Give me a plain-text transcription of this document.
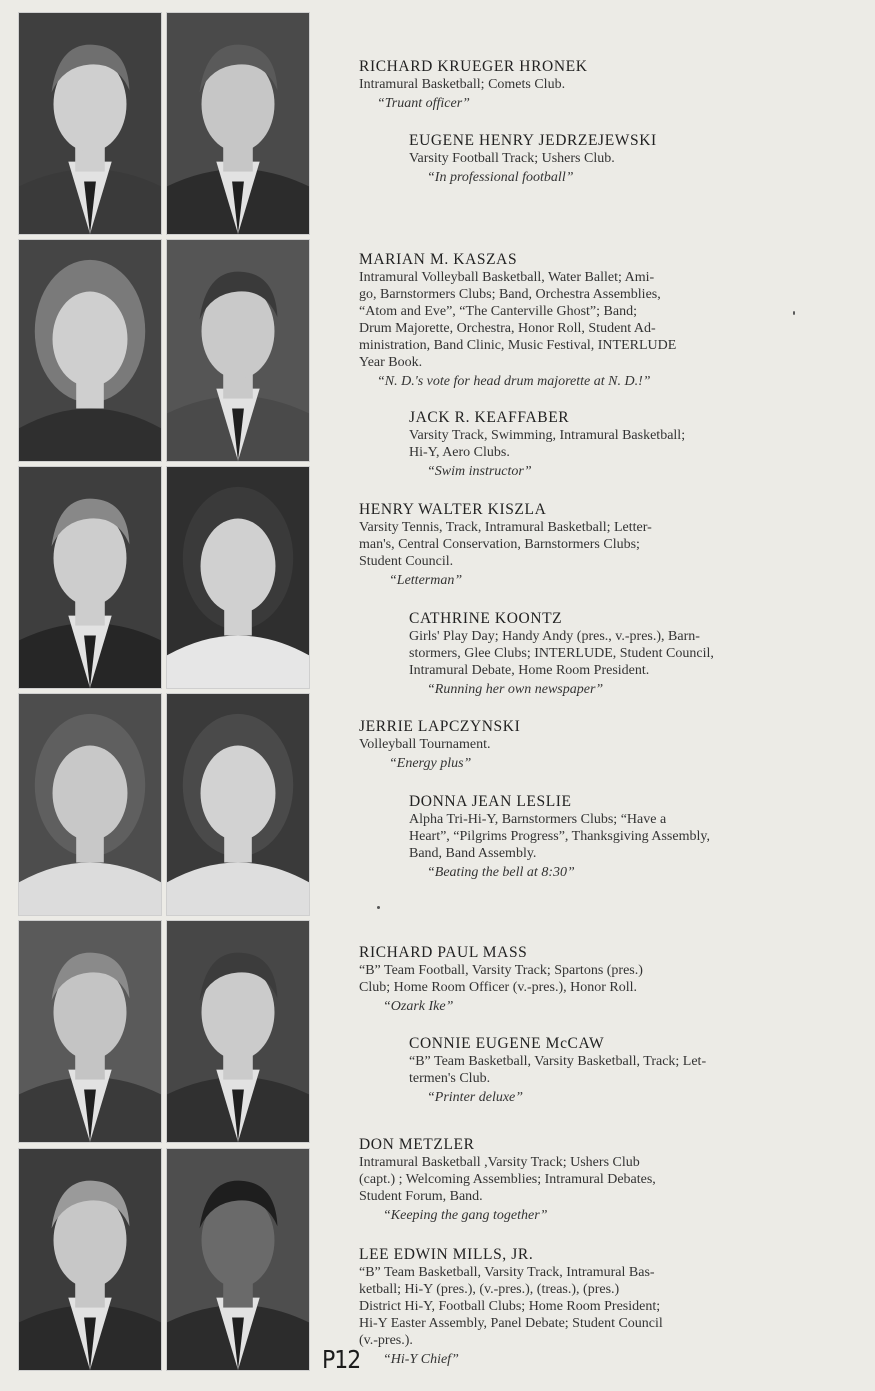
RICHARD KRUEGER HRONEK
Intramural Basketball; Comets Club.
“Truant officer”
EUGENE HENRY JEDRZEJEWSKI
Varsity Football Track; Ushers Club.
“In professional football”
MARIAN M. KASZAS
Intramural Volleyball Basketball, Water Ballet; Ami-
go, Barnstormers Clubs; Band, Orchestra Assemblies,
“Atom and Eve”, “The Canterville Ghost”; Band;
Drum Majorette, Orchestra, Honor Roll, Student Ad-
ministration, Band Clinic, Music Festival, INTERLUDE
Year Book.
“N. D.'s vote for head drum majorette at N. D.!”
JACK R. KEAFFABER
Varsity Track, Swimming, Intramural Basketball;
Hi-Y, Aero Clubs.
“Swim instructor”
HENRY WALTER KISZLA
Varsity Tennis, Track, Intramural Basketball; Letter-
man's, Central Conservation, Barnstormers Clubs;
Student Council.
“Letterman”
CATHRINE KOONTZ
Girls' Play Day; Handy Andy (pres., v.-pres.), Barn-
stormers, Glee Clubs; INTERLUDE, Student Council,
Intramural Debate, Home Room President.
“Running her own newspaper”
JERRIE LAPCZYNSKI
Volleyball Tournament.
“Energy plus”
DONNA JEAN LESLIE
Alpha Tri-Hi-Y, Barnstormers Clubs; “Have a
Heart”, “Pilgrims Progress”, Thanksgiving Assembly,
Band, Band Assembly.
“Beating the bell at 8:30”
RICHARD PAUL MASS
“B” Team Football, Varsity Track; Spartons (pres.)
Club; Home Room Officer (v.-pres.), Honor Roll.
“Ozark Ike”
CONNIE EUGENE McCAW
“B” Team Basketball, Varsity Basketball, Track; Let-
termen's Club.
“Printer deluxe”
DON METZLER
Intramural Basketball ,Varsity Track; Ushers Club
(capt.) ; Welcoming Assemblies; Intramural Debates,
Student Forum, Band.
“Keeping the gang together”
LEE EDWIN MILLS, JR.
“B” Team Basketball, Varsity Track, Intramural Bas-
ketball; Hi-Y (pres.), (v.-pres.), (treas.), (pres.)
District Hi-Y, Football Clubs; Home Room President;
Hi-Y Easter Assembly, Panel Debate; Student Council
(v.-pres.).
“Hi-Y Chief”
P12
